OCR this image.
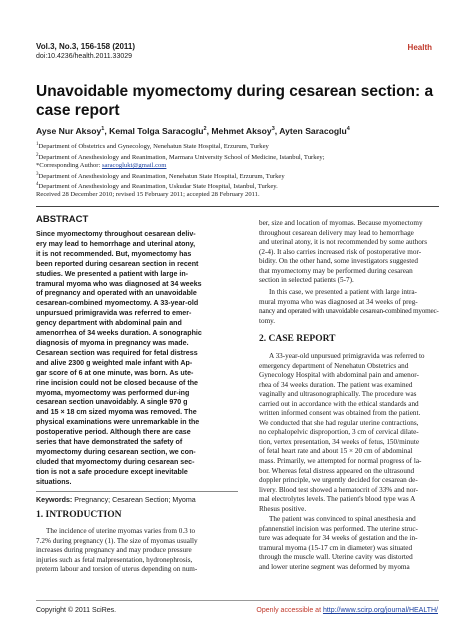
Vol.3, No.3, 156-158 (2011)
doi:10.4236/health.2011.33029
Health
Unavoidable myomectomy during cesarean section: a
case report
Ayse Nur Aksoy$^1$, Kemal Tolga Saracoglu$^2$, Mehmet Aksoy$^3$, Ayten Saracoglu$^4$
$^1$Department of Obstetrics and Gynecology, Nenehatun State Hospital, Erzurum, Turkey
$^2$Department of Anesthesiology and Reanimation, Marmara University School of Medicine, Istanbul, Turkey;
*Corresponding Author: saracoglukt@gmail.com
$^3$Department of Anesthesiology and Reanimation, Nenehatun State Hospital, Erzurum, Turkey
$^4$Department of Anesthesiology and Reanimation, Uskudar State Hospital, Istanbul, Turkey.
Received 28 December 2010; revised 15 February 2011; accepted 28 February 2011.
ABSTRACT
Since myomectomy throughout cesarean deliv-
ery may lead to hemorrhage and uterinal atony,
it is not recommended. But, myomectomy has
been reported during cesarean section in recent
studies. We presented a patient with large in-
tramural myoma who was diagnosed at 34 weeks
of pregnancy and operated with an unavoidable
cesarean-combined myomectomy. A 33-year-old
unpursued primigravida was referred to emer-
gency department with abdominal pain and
amenorrhea of 34 weeks duration. A sonographic
diagnosis of myoma in pregnancy was made.
Cesarean section was required for fetal distress
and alive 2300 g weighted male infant with Ap-
gar score of 6 at one minute, was born. As ute-
rine incision could not be closed because of the
myoma, myomectomy was performed dur-ing
cesarean section unavoidably. A single 970 g
and 15 × 18 cm sized myoma was removed. The
physical examinations were unremarkable in the
postoperative period. Although there are case
series that have demonstrated the safety of
myomectomy during cesarean section, we con-
cluded that myomectomy during cesarean sec-
tion is not a safe procedure except inevitable
situations.
Keywords: Pregnancy; Cesarean Section; Myoma
1. INTRODUCTION
The incidence of uterine myomas varies from 0.3 to
7.2% during pregnancy (1). The size of myomas usually
increases during pregnancy and may produce pressure
injuries such as fetal malpresentation, hydronephrosis,
preterm labour and torsion of uterus depending on num-
ber, size and location of myomas. Because myomectomy
throughout cesarean delivery may lead to hemorrhage
and uterinal atony, it is not recommended by some authors
(2-4). It also carries increased risk of postoperative mor-
bidity. On the other hand, some investigators suggested
that myomectomy may be performed during cesarean
section in selected patients (5-7).
In this case, we presented a patient with large intra-
mural myoma who was diagnosed at 34 weeks of preg-
nancy and operated with unavoidable cesarean-combined myomec-
tomy.
2. CASE REPORT
A 33-year-old unpursued primigravida was referred to
emergency department of Nenehatun Obstetrics and
Gynecology Hospital with abdominal pain and amenor-
rhea of 34 weeks duration. The patient was examined
vaginally and ultrasonographically. The procedure was
carried out in accordance with the ethical standards and
written informed consent was obtained from the patient.
We conducted that she had regular uterine contractions,
no cephalopelvic disproportion, 3 cm of cervical dilate-
tion, vertex presentation, 34 weeks of fetus, 150/minute
of fetal heart rate and about 15 × 20 cm of abdominal
mass. Primarily, we attempted for normal progress of la-
bor. Whereas fetal distress appeared on the ultrasound
doppler principle, we urgently decided for cesarean de-
livery. Blood test showed a hematocrit of 33% and nor-
mal electrolytes levels. The patient's blood type was A
Rhesus positive.
The patient was convinced to spinal anesthesia and
pfannenstiel incision was performed. The uterine struc-
ture was adequate for 34 weeks of gestation and the in-
tramural myoma (15-17 cm in diameter) was situated
through the muscle wall. Uterine cavity was distorted
and lower uterine segment was deformed by myoma
Copyright © 2011 SciRes.	Openly accessible at http://www.scirp.org/journal/HEALTH/
